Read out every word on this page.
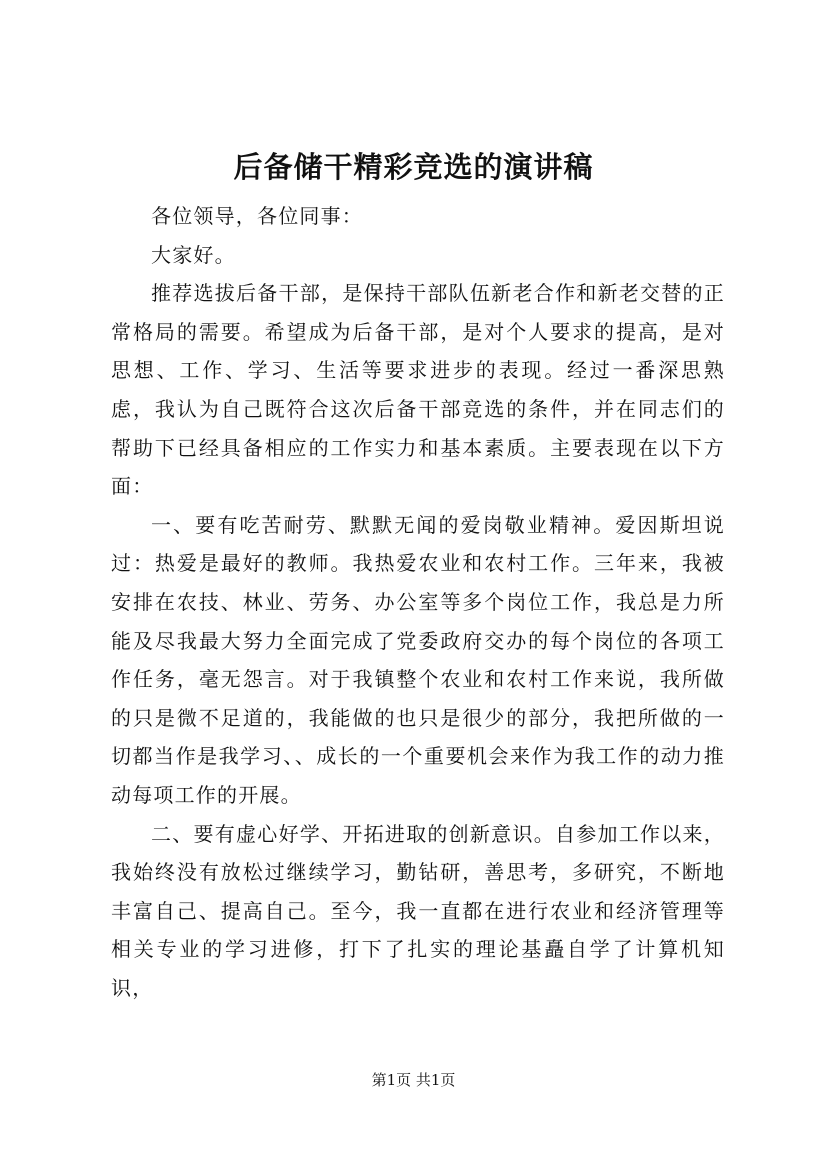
后备储干精彩竞选的演讲稿

各位领导，各位同事：

大家好。

推荐选拔后备干部，是保持干部队伍新老合作和新老交替的正常格局的需要。希望成为后备干部，是对个人要求的提高，是对思想、工作、学习、生活等要求进步的表现。经过一番深思熟虑，我认为自己既符合这次后备干部竞选的条件，并在同志们的帮助下已经具备相应的工作实力和基本素质。主要表现在以下方面：

一、要有吃苦耐劳、默默无闻的爱岗敬业精神。爱因斯坦说过：热爱是最好的教师。我热爱农业和农村工作。三年来，我被安排在农技、林业、劳务、办公室等多个岗位工作，我总是力所能及尽我最大努力全面完成了党委政府交办的每个岗位的各项工作任务，毫无怨言。对于我镇整个农业和农村工作来说，我所做的只是微不足道的，我能做的也只是很少的部分，我把所做的一切都当作是我学习、、成长的一个重要机会来作为我工作的动力推动每项工作的开展。

二、要有虚心好学、开拓进取的创新意识。自参加工作以来，我始终没有放松过继续学习，勤钻研，善思考，多研究，不断地丰富自己、提高自己。至今，我一直都在进行农业和经济管理等相关专业的学习进修，打下了扎实的理论基矗自学了计算机知识，

第1页 共1页
